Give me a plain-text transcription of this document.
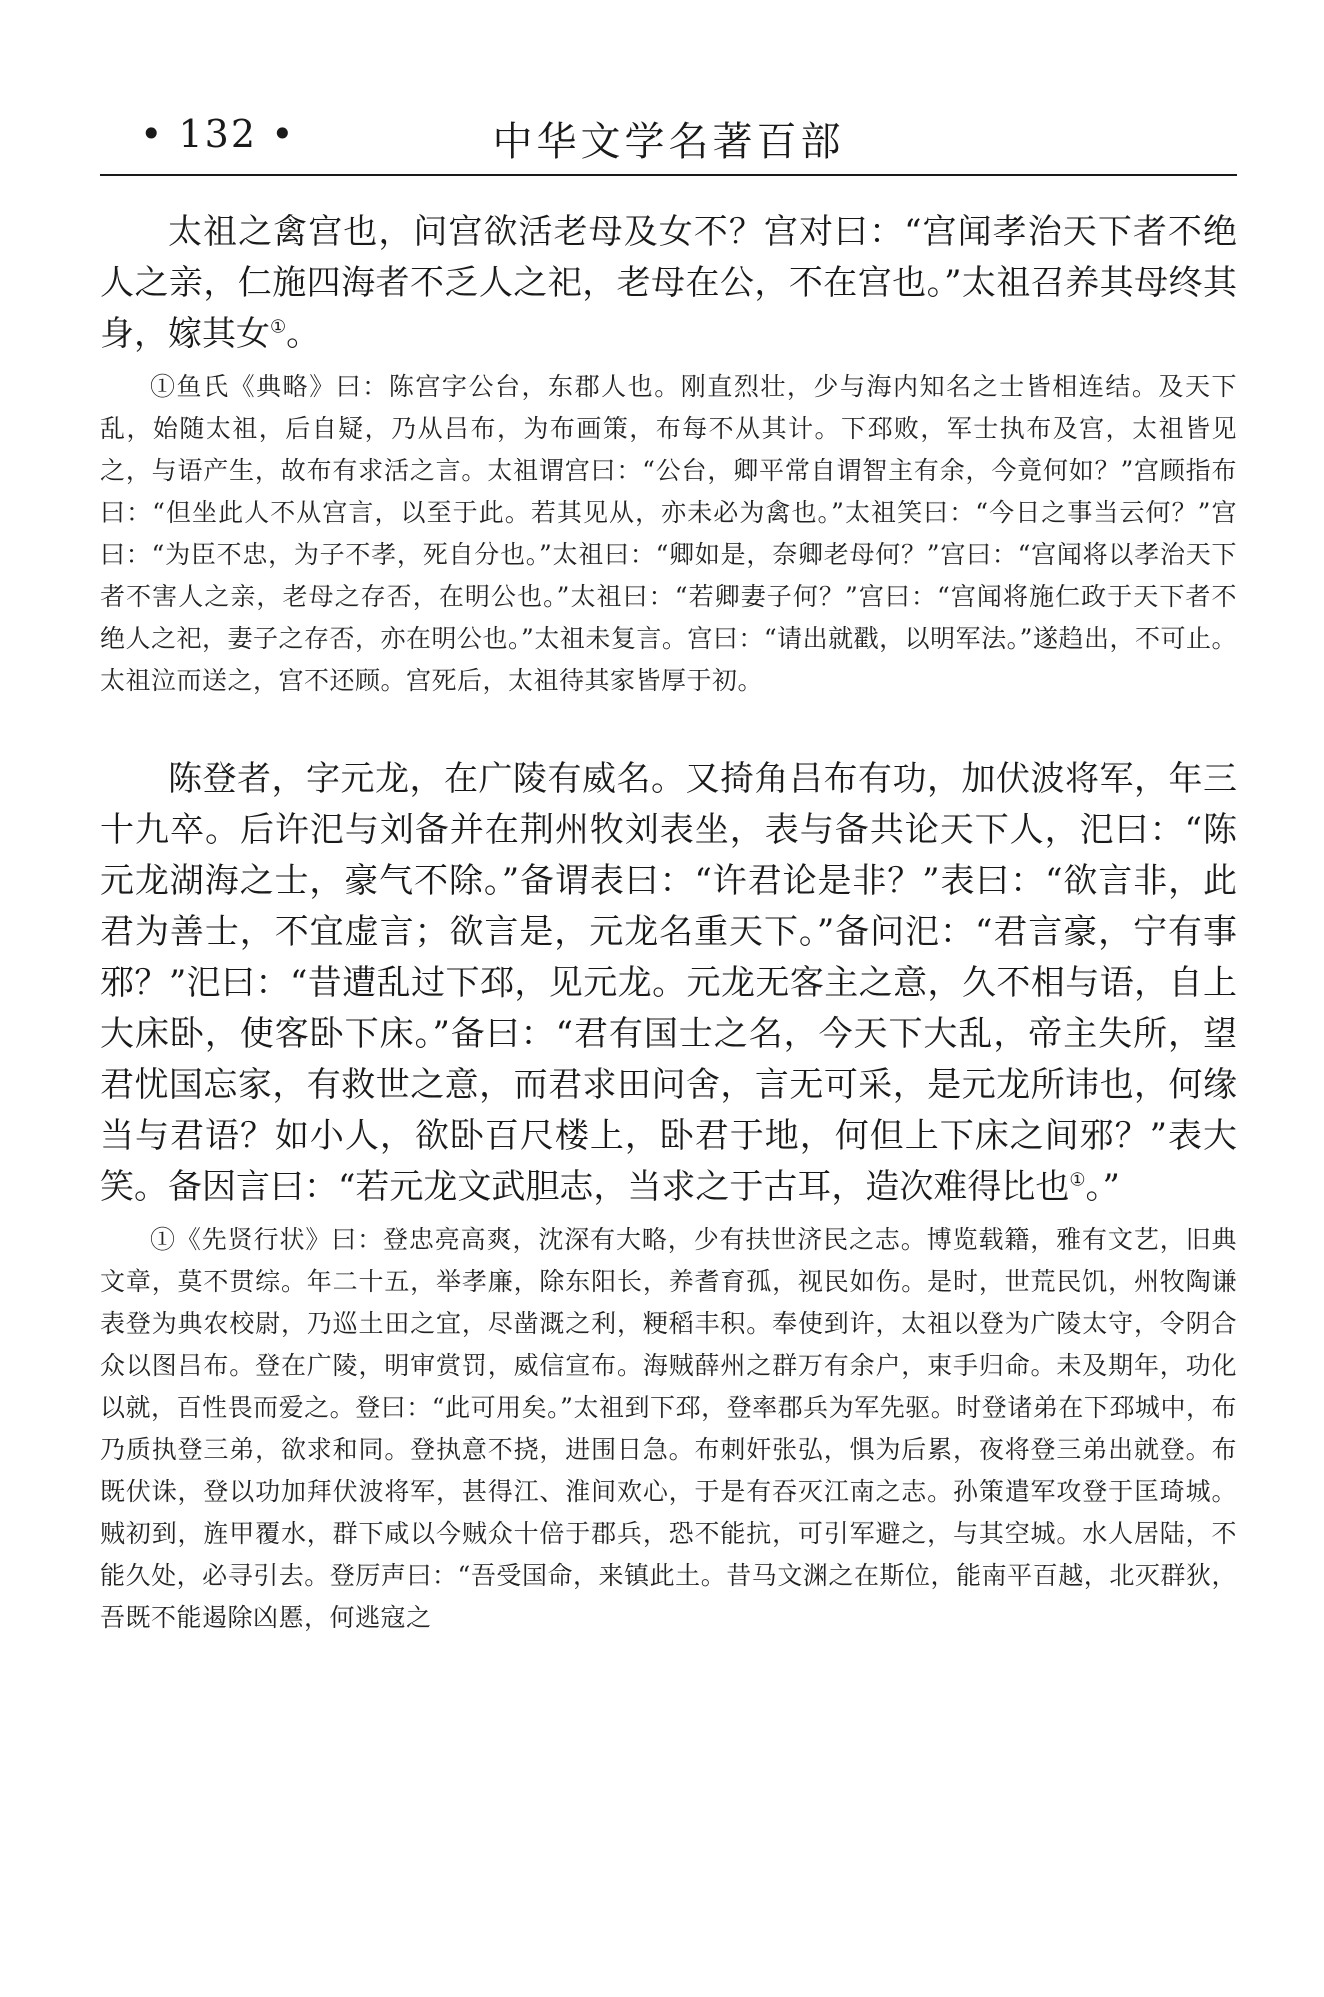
• 132 •	中华文学名著百部

太祖之禽宫也，问宫欲活老母及女不？宫对曰：“宫闻孝治天下者不绝人之亲，仁施四海者不乏人之祀，老母在公，不在宫也。”太祖召养其母终其身，嫁其女①。

①鱼氏《典略》曰：陈宫字公台，东郡人也。刚直烈壮，少与海内知名之士皆相连结。及天下乱，始随太祖，后自疑，乃从吕布，为布画策，布每不从其计。下邳败，军士执布及宫，太祖皆见之，与语产生，故布有求活之言。太祖谓宫曰：“公台，卿平常自谓智主有余，今竟何如？”宫顾指布曰：“但坐此人不从宫言，以至于此。若其见从，亦未必为禽也。”太祖笑曰：“今日之事当云何？”宫曰：“为臣不忠，为子不孝，死自分也。”太祖曰：“卿如是，奈卿老母何？”宫曰：“宫闻将以孝治天下者不害人之亲，老母之存否，在明公也。”太祖曰：“若卿妻子何？”宫曰：“宫闻将施仁政于天下者不绝人之祀，妻子之存否，亦在明公也。”太祖未复言。宫曰：“请出就戳，以明军法。”遂趋出，不可止。太祖泣而送之，宫不还顾。宫死后，太祖待其家皆厚于初。

陈登者，字元龙，在广陵有威名。又掎角吕布有功，加伏波将军，年三十九卒。后许汜与刘备并在荆州牧刘表坐，表与备共论天下人，汜曰：“陈元龙湖海之士，豪气不除。”备谓表曰：“许君论是非？”表曰：“欲言非，此君为善士，不宜虚言；欲言是，元龙名重天下。”备问汜：“君言豪，宁有事邪？”汜曰：“昔遭乱过下邳，见元龙。元龙无客主之意，久不相与语，自上大床卧，使客卧下床。”备曰：“君有国士之名，今天下大乱，帝主失所，望君忧国忘家，有救世之意，而君求田问舍，言无可采，是元龙所讳也，何缘当与君语？如小人，欲卧百尺楼上，卧君于地，何但上下床之间邪？”表大笑。备因言曰：“若元龙文武胆志，当求之于古耳，造次难得比也①。”

①《先贤行状》曰：登忠亮高爽，沈深有大略，少有扶世济民之志。博览载籍，雅有文艺，旧典文章，莫不贯综。年二十五，举孝廉，除东阳长，养耆育孤，视民如伤。是时，世荒民饥，州牧陶谦表登为典农校尉，乃巡土田之宜，尽凿溉之利，粳稻丰积。奉使到许，太祖以登为广陵太守，令阴合众以图吕布。登在广陵，明审赏罚，威信宣布。海贼薛州之群万有余户，束手归命。未及期年，功化以就，百性畏而爱之。登曰：“此可用矣。”太祖到下邳，登率郡兵为军先驱。时登诸弟在下邳城中，布乃质执登三弟，欲求和同。登执意不挠，进围日急。布刺奸张弘，惧为后累，夜将登三弟出就登。布既伏诛，登以功加拜伏波将军，甚得江、淮间欢心，于是有吞灭江南之志。孙策遣军攻登于匡琦城。贼初到，旌甲覆水，群下咸以今贼众十倍于郡兵，恐不能抗，可引军避之，与其空城。水人居陆，不能久处，必寻引去。登厉声曰：“吾受国命，来镇此土。昔马文渊之在斯位，能南平百越，北灭群狄，吾既不能遏除凶慝，何逃寇之
